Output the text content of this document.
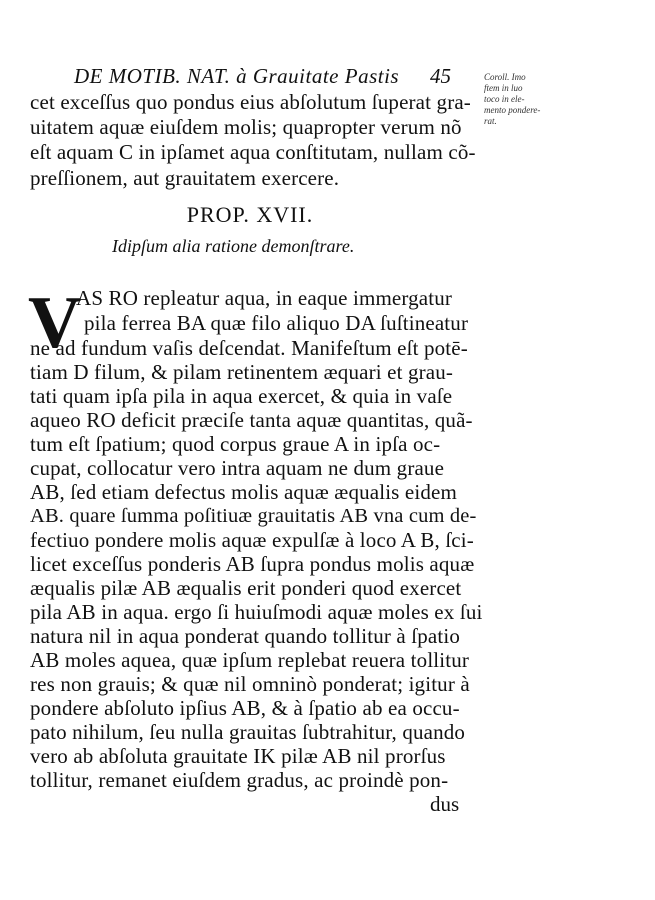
DE MOTIB. NAT. à Grauitate Pastis	45	Coroll. Imo
ftem in luo
toco in ele-
mento pondere-
rat.
cet exceſſus quo pondus eius abſolutum ſuperat gra-
uitatem aquæ eiuſdem molis; quapropter verum nõ
eſt aquam C in ipſamet aqua conſtitutam, nullam cõ-
preſſionem, aut grauitatem exercere.
PROP. XVII.
Idipſum alia ratione demonſtrare.
V
AS RO repleatur aqua, in eaque immergatur
pila ferrea BA quæ filo aliquo DA ſuſtineatur
ne ad fundum vaſis deſcendat. Manifeſtum eſt potē-
tiam D filum, & pilam retinentem æquari et grau-
tati quam ipſa pila in aqua exercet, & quia in vaſe
aqueo RO deficit præciſe tanta aquæ quantitas, quã-
tum eſt ſpatium; quod corpus graue A in ipſa oc-
cupat, collocatur vero intra aquam ne dum graue
AB, ſed etiam defectus molis aquæ æqualis eidem
AB. quare ſumma poſitiuæ grauitatis AB vna cum de-
fectiuo pondere molis aquæ expulſæ à loco A B, ſci-
licet exceſſus ponderis AB ſupra pondus molis aquæ
æqualis pilæ AB æqualis erit ponderi quod exercet
pila AB in aqua. ergo ſi huiuſmodi aquæ moles ex ſui
natura nil in aqua ponderat quando tollitur à ſpatio
AB moles aquea, quæ ipſum replebat reuera tollitur
res non grauis; & quæ nil omninò ponderat; igitur à
pondere abſoluto ipſius AB, & à ſpatio ab ea occu-
pato nihilum, ſeu nulla grauitas ſubtrahitur, quando
vero ab abſoluta grauitate IK pilæ AB nil prorſus
tollitur, remanet eiuſdem gradus, ac proindè pon-
dus
